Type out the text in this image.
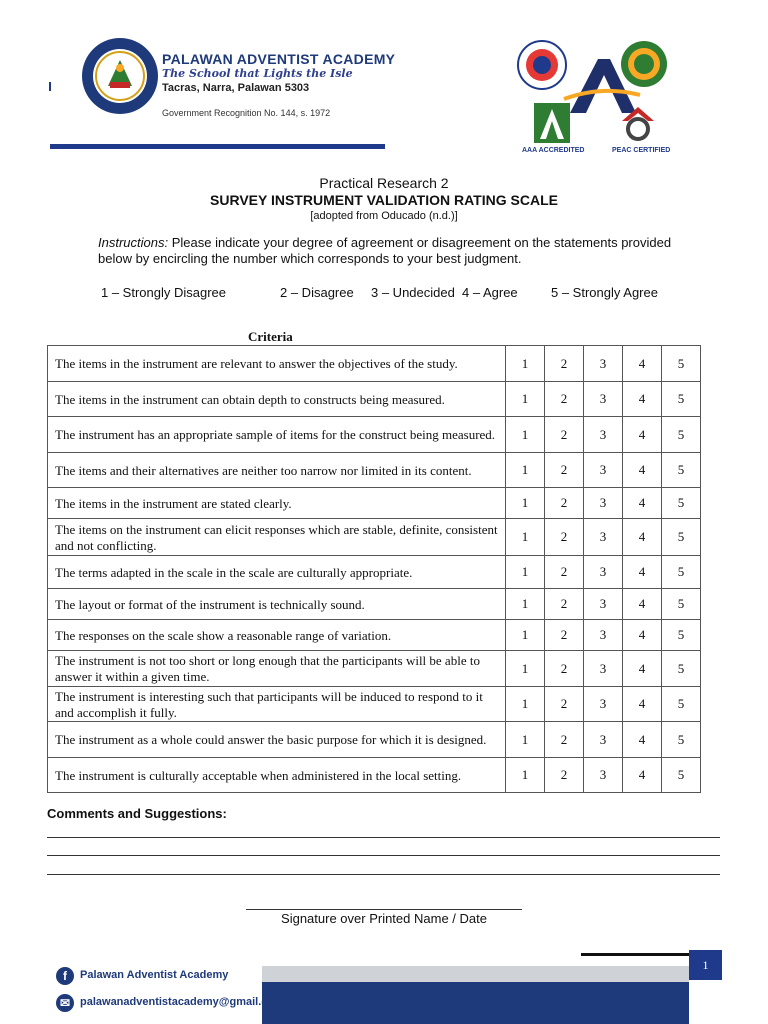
PALAWAN ADVENTIST ACADEMY
The School that Lights the Isle
Tacras, Narra, Palawan 5303
Government Recognition No. 144, s. 1972
AAA ACCREDITED	PEAC CERTIFIED
Practical Research 2
SURVEY INSTRUMENT VALIDATION RATING SCALE
[adopted from Oducado (n.d.)]
Instructions: Please indicate your degree of agreement or disagreement on the statements provided below by encircling the number which corresponds to your best judgment.
1 – Strongly Disagree	2 – Disagree 3 – Undecided 4 – Agree	5 – Strongly Agree
Criteria
The items in the instrument are relevant to answer the objectives of the study.	1	2	3	4	5
The items in the instrument can obtain depth to constructs being measured.	1	2	3	4	5
The instrument has an appropriate sample of items for the construct being measured.	1	2	3	4	5
The items and their alternatives are neither too narrow nor limited in its content.	1	2	3	4	5
The items in the instrument are stated clearly.	1	2	3	4	5
The items on the instrument can elicit responses which are stable, definite, consistent and not conflicting.	1	2	3	4	5
The terms adapted in the scale in the scale are culturally appropriate.	1	2	3	4	5
The layout or format of the instrument is technically sound.	1	2	3	4	5
The responses on the scale show a reasonable range of variation.	1	2	3	4	5
The instrument is not too short or long enough that the participants will be able to answer it within a given time.	1	2	3	4	5
The instrument is interesting such that participants will be induced to respond to it and accomplish it fully.	1	2	3	4	5
The instrument as a whole could answer the basic purpose for which it is designed.	1	2	3	4	5
The instrument is culturally acceptable when administered in the local setting.	1	2	3	4	5
Comments and Suggestions:
Signature over Printed Name / Date
1
f	Palawan Adventist Academy
✉ palawanadventistacademy@gmail.com
